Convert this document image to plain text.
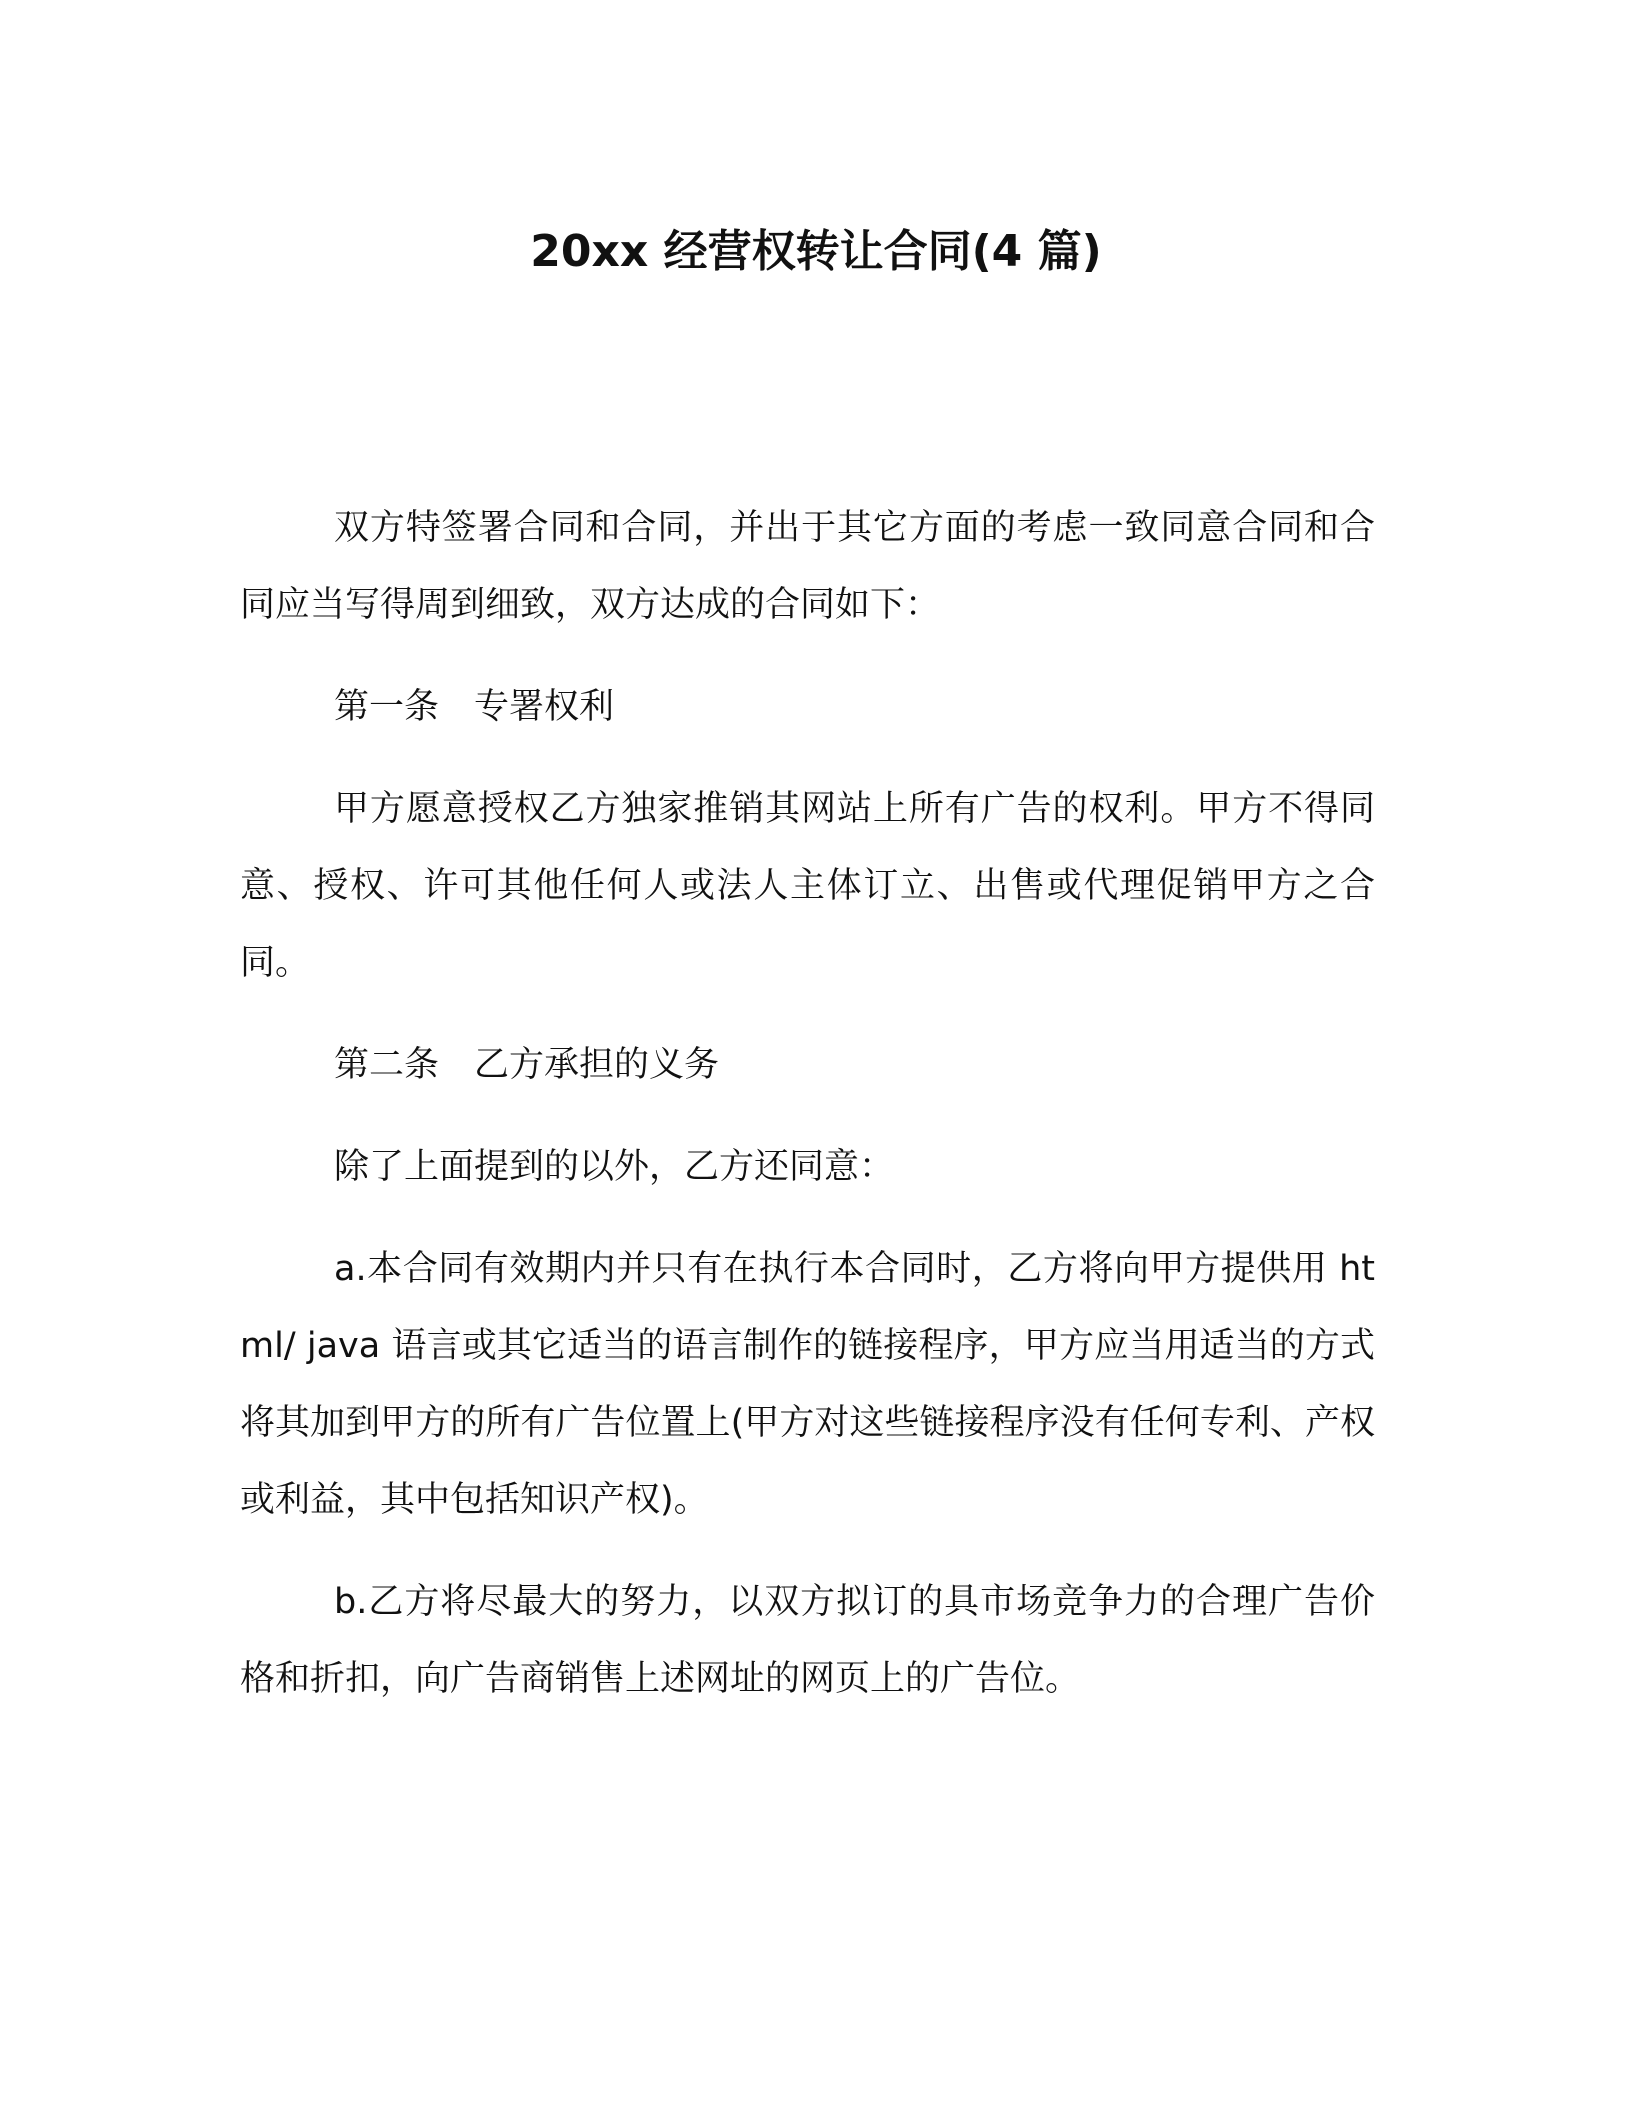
20xx 经营权转让合同(4 篇)

双方特签署合同和合同，并出于其它方面的考虑一致同意合同和合同应当写得周到细致，双方达成的合同如下：

第一条　专署权利

甲方愿意授权乙方独家推销其网站上所有广告的权利。甲方不得同意、授权、许可其他任何人或法人主体订立、出售或代理促销甲方之合同。

第二条　乙方承担的义务

除了上面提到的以外，乙方还同意：

a.本合同有效期内并只有在执行本合同时，乙方将向甲方提供用 html/ java 语言或其它适当的语言制作的链接程序，甲方应当用适当的方式将其加到甲方的所有广告位置上(甲方对这些链接程序没有任何专利、产权或利益，其中包括知识产权)。

b.乙方将尽最大的努力，以双方拟订的具市场竞争力的合理广告价格和折扣，向广告商销售上述网址的网页上的广告位。
